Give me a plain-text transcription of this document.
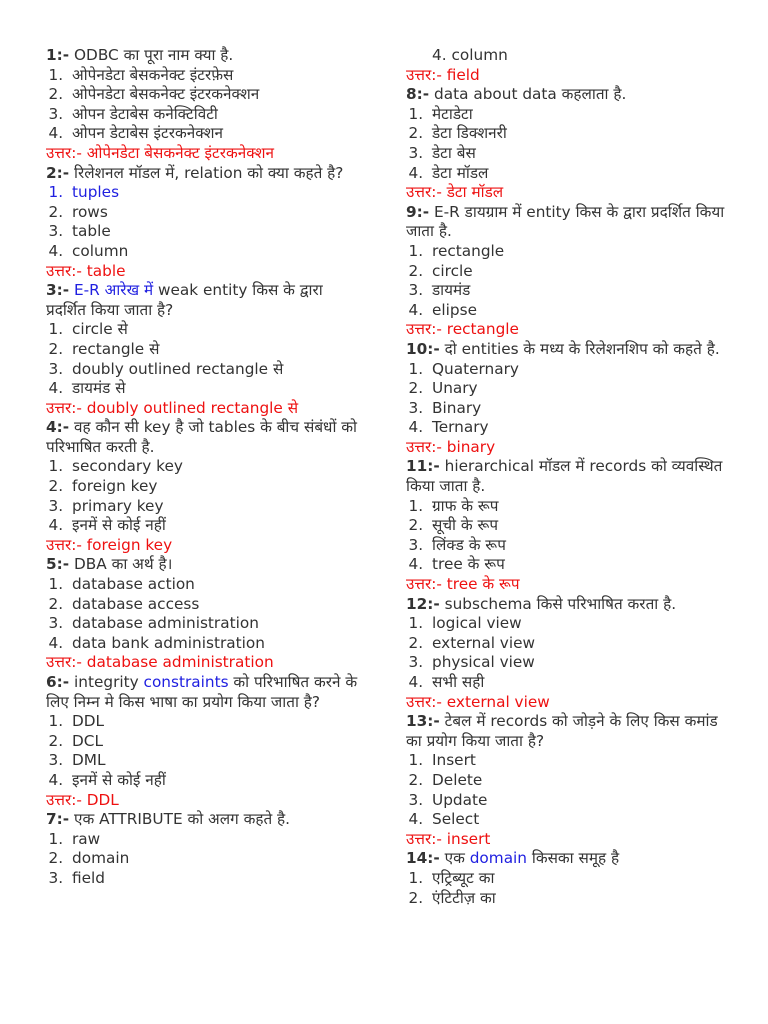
1:- ODBC का पूरा नाम क्या है.

1. ओपेनडेटा बेसकनेक्ट इंटरफ़ेस
2. ओपेनडेटा बेसकनेक्ट इंटरकनेक्शन
3. ओपन डेटाबेस कनेक्टिविटी
4. ओपन डेटाबेस इंटरकनेक्शन

उत्तर:- ओपेनडेटा बेसकनेक्ट इंटरकनेक्शन

2:- रिलेशनल मॉडल में, relation को क्या कहते है?

1. tuples
2. rows
3. table
4. column

उत्तर:- table

3:- E-R आरेख में weak entity किस के द्वारा प्रदर्शित किया जाता है?

1. circle से
2. rectangle से
3. doubly outlined rectangle से
4. डायमंड से

उत्तर:- doubly outlined rectangle से

4:- वह कौन सी key है जो tables के बीच संबंधों को परिभाषित करती है.

1. secondary key
2. foreign key
3. primary key
4. इनमें से कोई नहीं

उत्तर:- foreign key

5:- DBA का अर्थ है।

1. database action
2. database access
3. database administration
4. data bank administration

उत्तर:- database administration

6:- integrity constraints को परिभाषित करने के लिए निम्न मे किस भाषा का प्रयोग किया जाता है?

1. DDL
2. DCL
3. DML
4. इनमें से कोई नहीं

उत्तर:- DDL

7:- एक ATTRIBUTE को अलग कहते है.

1. raw
2. domain
3. field
4. column

उत्तर:- field

8:- data about data कहलाता है.

1. मेटाडेटा
2. डेटा डिक्शनरी
3. डेटा बेस
4. डेटा मॉडल

उत्तर:- डेटा मॉडल

9:- E-R डायग्राम में entity किस के द्वारा प्रदर्शित किया जाता है.

1. rectangle
2. circle
3. डायमंड
4. elipse

उत्तर:- rectangle

10:- दो entities के मध्य के रिलेशनशिप को कहते है.

1. Quaternary
2. Unary
3. Binary
4. Ternary

उत्तर:- binary

11:- hierarchical मॉडल में records को व्यवस्थित किया जाता है.

1. ग्राफ के रूप
2. सूची के रूप
3. लिंक्ड के रूप
4. tree के रूप

उत्तर:- tree के रूप

12:- subschema किसे परिभाषित करता है.

1. logical view
2. external view
3. physical view
4. सभी सही

उत्तर:- external view

13:- टेबल में records को जोड़ने के लिए किस कमांड का प्रयोग किया जाता है?

1. Insert
2. Delete
3. Update
4. Select

उत्तर:- insert

14:- एक domain किसका समूह है

1. एट्रिब्यूट का
2. एंटिटीज़ का
